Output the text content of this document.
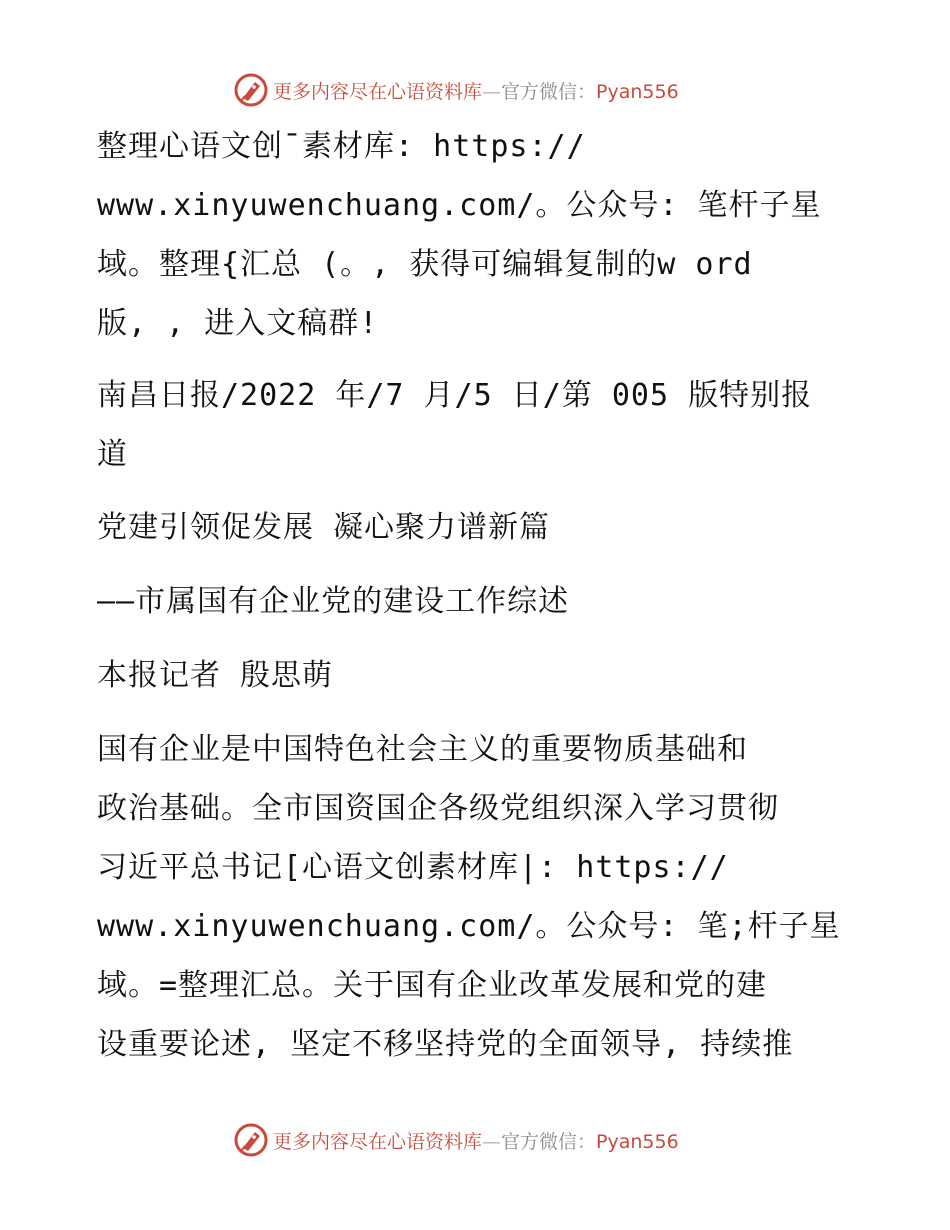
更多内容尽在心语资料库—官方微信：Pyan556
整理心语文创¯素材库: https://
www.xinyuwenchuang.com/。公众号: 笔杆子星
域。整理{汇总 (。, 获得可编辑复制的w ord
版, , 进入文稿群!
南昌日报/2022 年/7 月/5 日/第 005 版特别报
道
党建引领促发展 凝心聚力谱新篇
——市属国有企业党的建设工作综述
本报记者 殷思萌
国有企业是中国特色社会主义的重要物质基础和
政治基础。全市国资国企各级党组织深入学习贯彻
习近平总书记[心语文创素材库|: https://
www.xinyuwenchuang.com/。公众号: 笔;杆子星
域。=整理汇总。关于国有企业改革发展和党的建
设重要论述, 坚定不移坚持党的全面领导, 持续推
更多内容尽在心语资料库—官方微信：Pyan556
